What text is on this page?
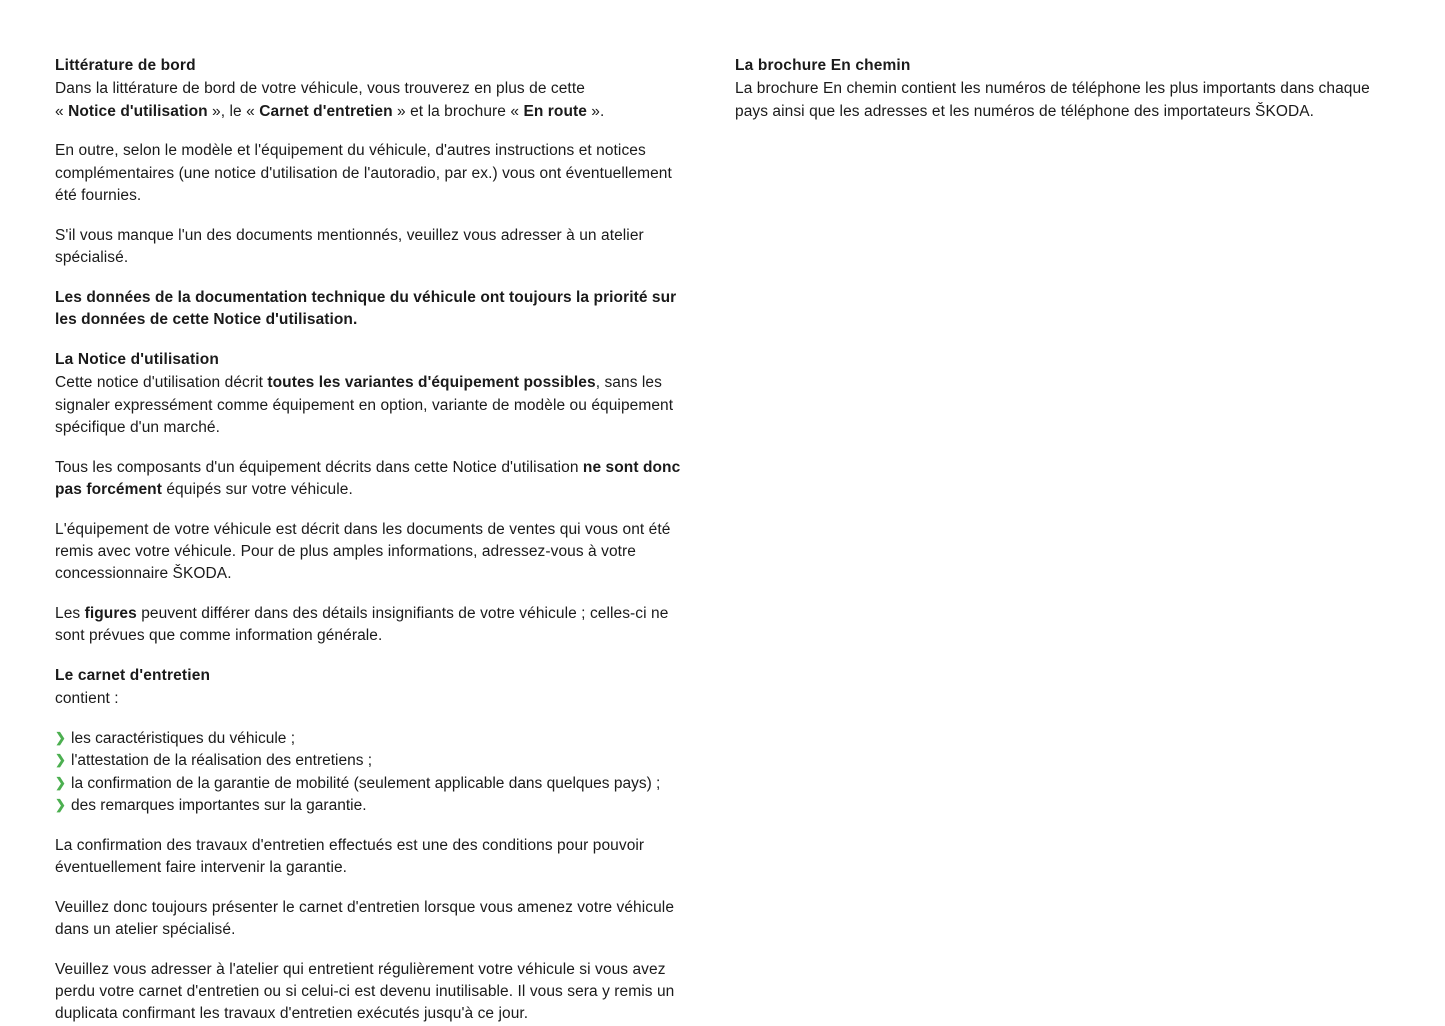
Littérature de bord

Dans la littérature de bord de votre véhicule, vous trouverez en plus de cette
« Notice d'utilisation », le « Carnet d'entretien » et la brochure « En route ».

En outre, selon le modèle et l'équipement du véhicule, d'autres instructions et notices complémentaires (une notice d'utilisation de l'autoradio, par ex.) vous ont éventuellement été fournies.

S'il vous manque l'un des documents mentionnés, veuillez vous adresser à un atelier spécialisé.

Les données de la documentation technique du véhicule ont toujours la priorité sur les données de cette Notice d'utilisation.

La Notice d'utilisation

Cette notice d'utilisation décrit toutes les variantes d'équipement possibles, sans les signaler expressément comme équipement en option, variante de modèle ou équipement spécifique d'un marché.

Tous les composants d'un équipement décrits dans cette Notice d'utilisation ne sont donc pas forcément équipés sur votre véhicule.

L'équipement de votre véhicule est décrit dans les documents de ventes qui vous ont été remis avec votre véhicule. Pour de plus amples informations, adressez-vous à votre concessionnaire ŠKODA.

Les figures peuvent différer dans des détails insignifiants de votre véhicule ; celles-ci ne sont prévues que comme information générale.

Le carnet d'entretien

contient :

❯ les caractéristiques du véhicule ;
❯ l'attestation de la réalisation des entretiens ;
❯ la confirmation de la garantie de mobilité (seulement applicable dans quelques pays) ;
❯ des remarques importantes sur la garantie.

La confirmation des travaux d'entretien effectués est une des conditions pour pouvoir éventuellement faire intervenir la garantie.

Veuillez donc toujours présenter le carnet d'entretien lorsque vous amenez votre véhicule dans un atelier spécialisé.

Veuillez vous adresser à l'atelier qui entretient régulièrement votre véhicule si vous avez perdu votre carnet d'entretien ou si celui-ci est devenu inutilisable. Il vous sera y remis un duplicata confirmant les travaux d'entretien exécutés jusqu'à ce jour.

La brochure En chemin

La brochure En chemin contient les numéros de téléphone les plus importants dans chaque pays ainsi que les adresses et les numéros de téléphone des importateurs ŠKODA.
